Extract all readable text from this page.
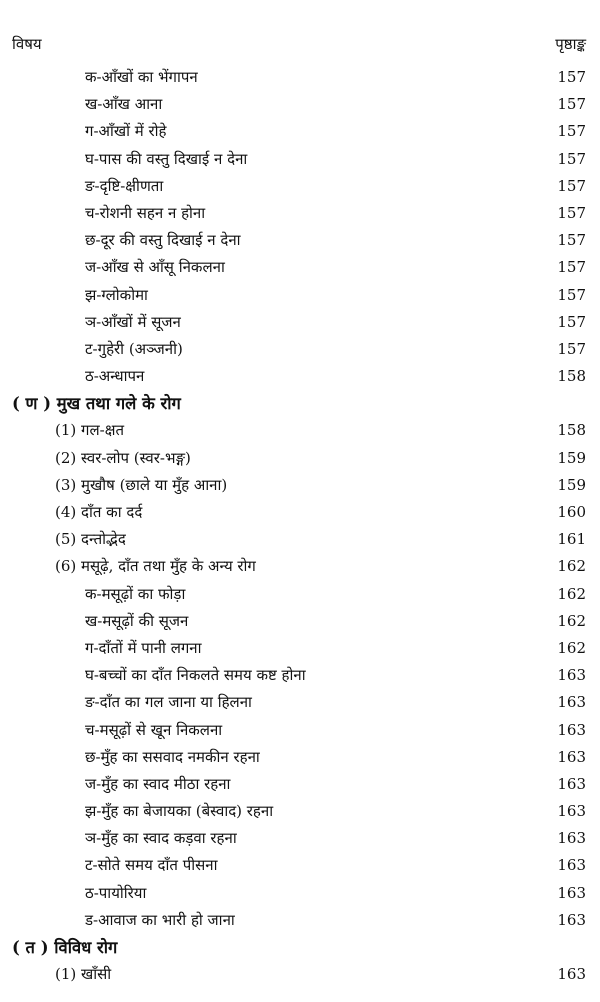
विषय	पृष्ठाङ्क
क-आँखों का भेंगापन	157
ख-आँख आना	157
ग-आँखों में रोहे	157
घ-पास की वस्तु दिखाई न देना	157
ङ-दृष्टि-क्षीणता	157
च-रोशनी सहन न होना	157
छ-दूर की वस्तु दिखाई न देना	157
ज-आँख से आँसू निकलना	157
झ-ग्लोकोमा	157
ञ-आँखों में सूजन	157
ट-गुहेरी (अञ्जनी)	157
ठ-अन्धापन	158
( ण ) मुख तथा गले के रोग
(1) गल-क्षत	158
(2) स्वर-लोप (स्वर-भङ्ग)	159
(3) मुखौष (छाले या मुँह आना)	159
(4) दाँत का दर्द	160
(5) दन्तोद्भेद	161
(6) मसूढ़े, दाँत तथा मुँह के अन्य रोग	162
क-मसूढ़ों का फोड़ा	162
ख-मसूढ़ों की सूजन	162
ग-दाँतों में पानी लगना	162
घ-बच्चों का दाँत निकलते समय कष्ट होना	163
ङ-दाँत का गल जाना या हिलना	163
च-मसूढ़ों से खून निकलना	163
छ-मुँह का ससवाद नमकीन रहना	163
ज-मुँह का स्वाद मीठा रहना	163
झ-मुँह का बेजायका (बेस्वाद) रहना	163
ञ-मुँह का स्वाद कड़वा रहना	163
ट-सोते समय दाँत पीसना	163
ठ-पायोरिया	163
ड-आवाज का भारी हो जाना	163
( त ) विविध रोग
(1) खाँसी	163
